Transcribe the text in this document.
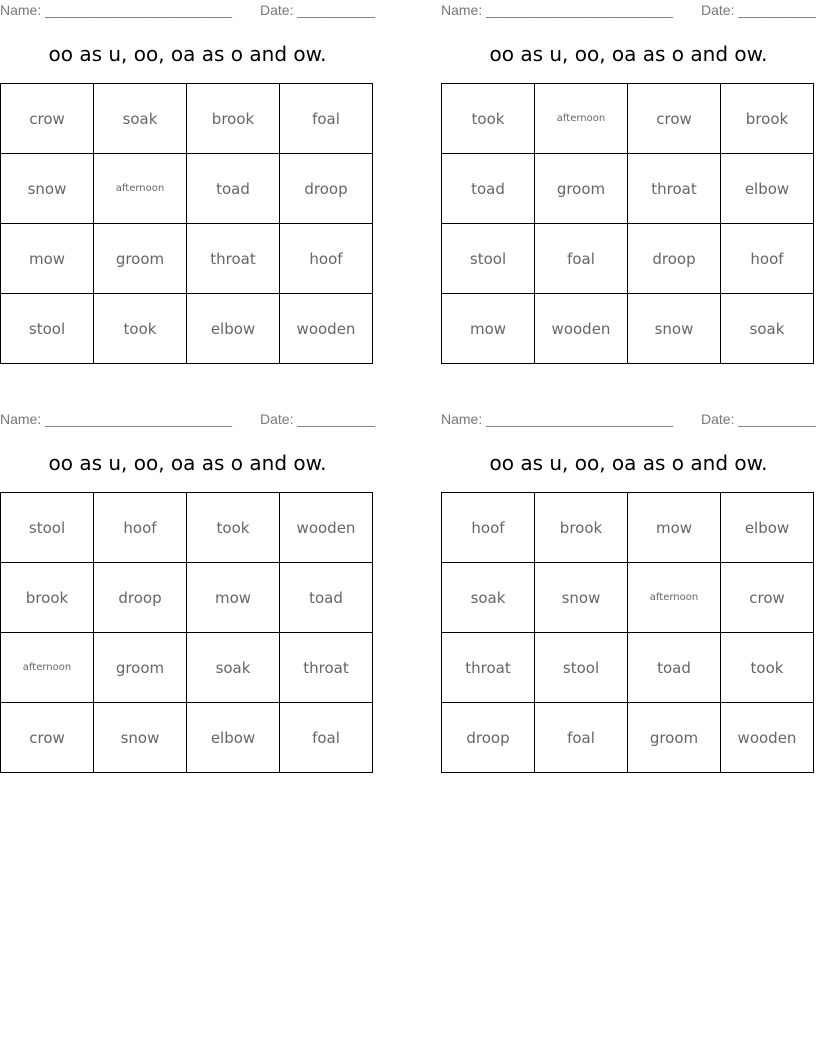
Name: ________________________ Date: __________
oo as u, oo, oa as o and ow.
crow	soak	brook	foal
snow	afternoon	toad	droop
mow	groom	throat	hoof
stool	took	elbow	wooden
Name: ________________________ Date: __________
oo as u, oo, oa as o and ow.
took	afternoon	crow	brook
toad	groom	throat	elbow
stool	foal	droop	hoof
mow	wooden	snow	soak
Name: ________________________ Date: __________
oo as u, oo, oa as o and ow.
stool	hoof	took	wooden
brook	droop	mow	toad
afternoon	groom	soak	throat
crow	snow	elbow	foal
Name: ________________________ Date: __________
oo as u, oo, oa as o and ow.
hoof	brook	mow	elbow
soak	snow	afternoon	crow
throat	stool	toad	took
droop	foal	groom	wooden
